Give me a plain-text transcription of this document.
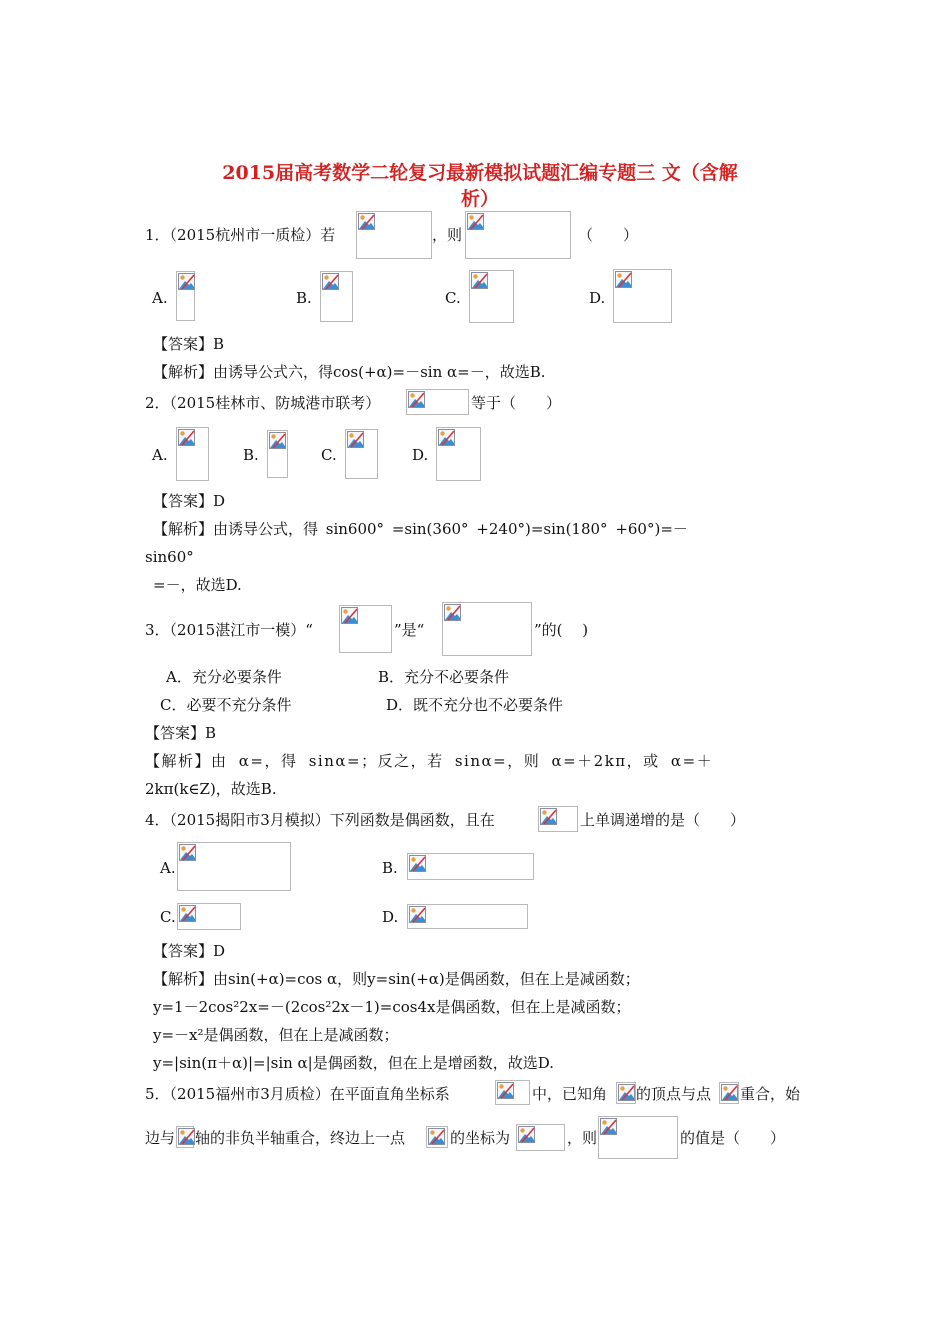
2015届高考数学二轮复习最新模拟试题汇编专题三 文（含解
析）
1．（2015杭州市一质检）若	，则	（　　）
A.	B.	C.	D.
【答案】B
【解析】由诱导公式六，得cos(+α)=－sin α=－，故选B.
2．（2015桂林市、防城港市联考）	等于（　　）
A.	B.	C.	D.
【答案】D
【解析】由诱导公式，得 sin600° =sin(360° +240°)=sin(180° +60°)=－
sin60°
=－，故选D.
3．（2015湛江市一模）“	”是“	”的(　 )
A．充分必要条件	B．充分不必要条件
C．必要不充分条件	D．既不充分也不必要条件
【答案】B
【解析】由 α=，得 sinα=；反之，若 sinα=，则 α=＋2kπ，或 α=＋
2kπ(k∈Z)，故选B.
4．（2015揭阳市3月模拟）下列函数是偶函数，且在	上单调递增的是（　　）
A.	B.
C.	D.
【答案】D
【解析】由sin(+α)=cos α，则y=sin(+α)是偶函数，但在上是减函数；
y=1－2cos²2x=－(2cos²2x－1)=cos4x是偶函数，但在上是减函数；
y=－x²是偶函数，但在上是减函数；
y=|sin(π＋α)|=|sin α|是偶函数，但在上是增函数，故选D.
5．（2015福州市3月质检）在平面直角坐标系	中，已知角 的顶点与点 重合，始
边与 轴的非负半轴重合，终边上一点	的坐标为	，则	的值是（　　）
